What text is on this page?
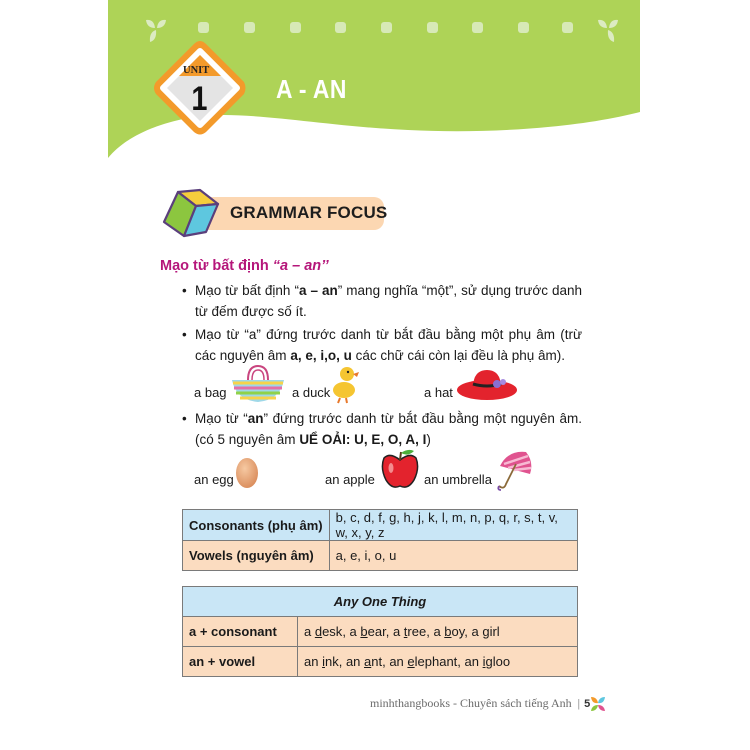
UNIT
1	A - AN
GRAMMAR FOCUS
Mạo từ bất định “a – an’’
• Mạo từ bất định “a – an” mang nghĩa “một”, sử dụng trước danh từ đếm được số ít.
• Mạo từ “a” đứng trước danh từ bắt đầu bằng một phụ âm (trừ các nguyên âm a, e, i,o, u các chữ cái còn lại đều là phụ âm).
a bag	a duck	a hat
• Mạo từ “an” đứng trước danh từ bắt đầu bằng một nguyên âm. (có 5 nguyên âm UỂ OẢI: U, E, O, A, I)
an egg	an apple	an umbrella
Consonants (phụ âm)	b, c, d, f, g, h, j, k, l, m, n, p, q, r, s, t, v, w, x, y, z
Vowels (nguyên âm)	a, e, i, o, u
Any One Thing	
a + consonant	a desk, a bear, a tree, a boy, a girl
an + vowel	an ink, an ant, an elephant, an igloo
minhthangbooks - Chuyên sách tiếng Anh | 5
